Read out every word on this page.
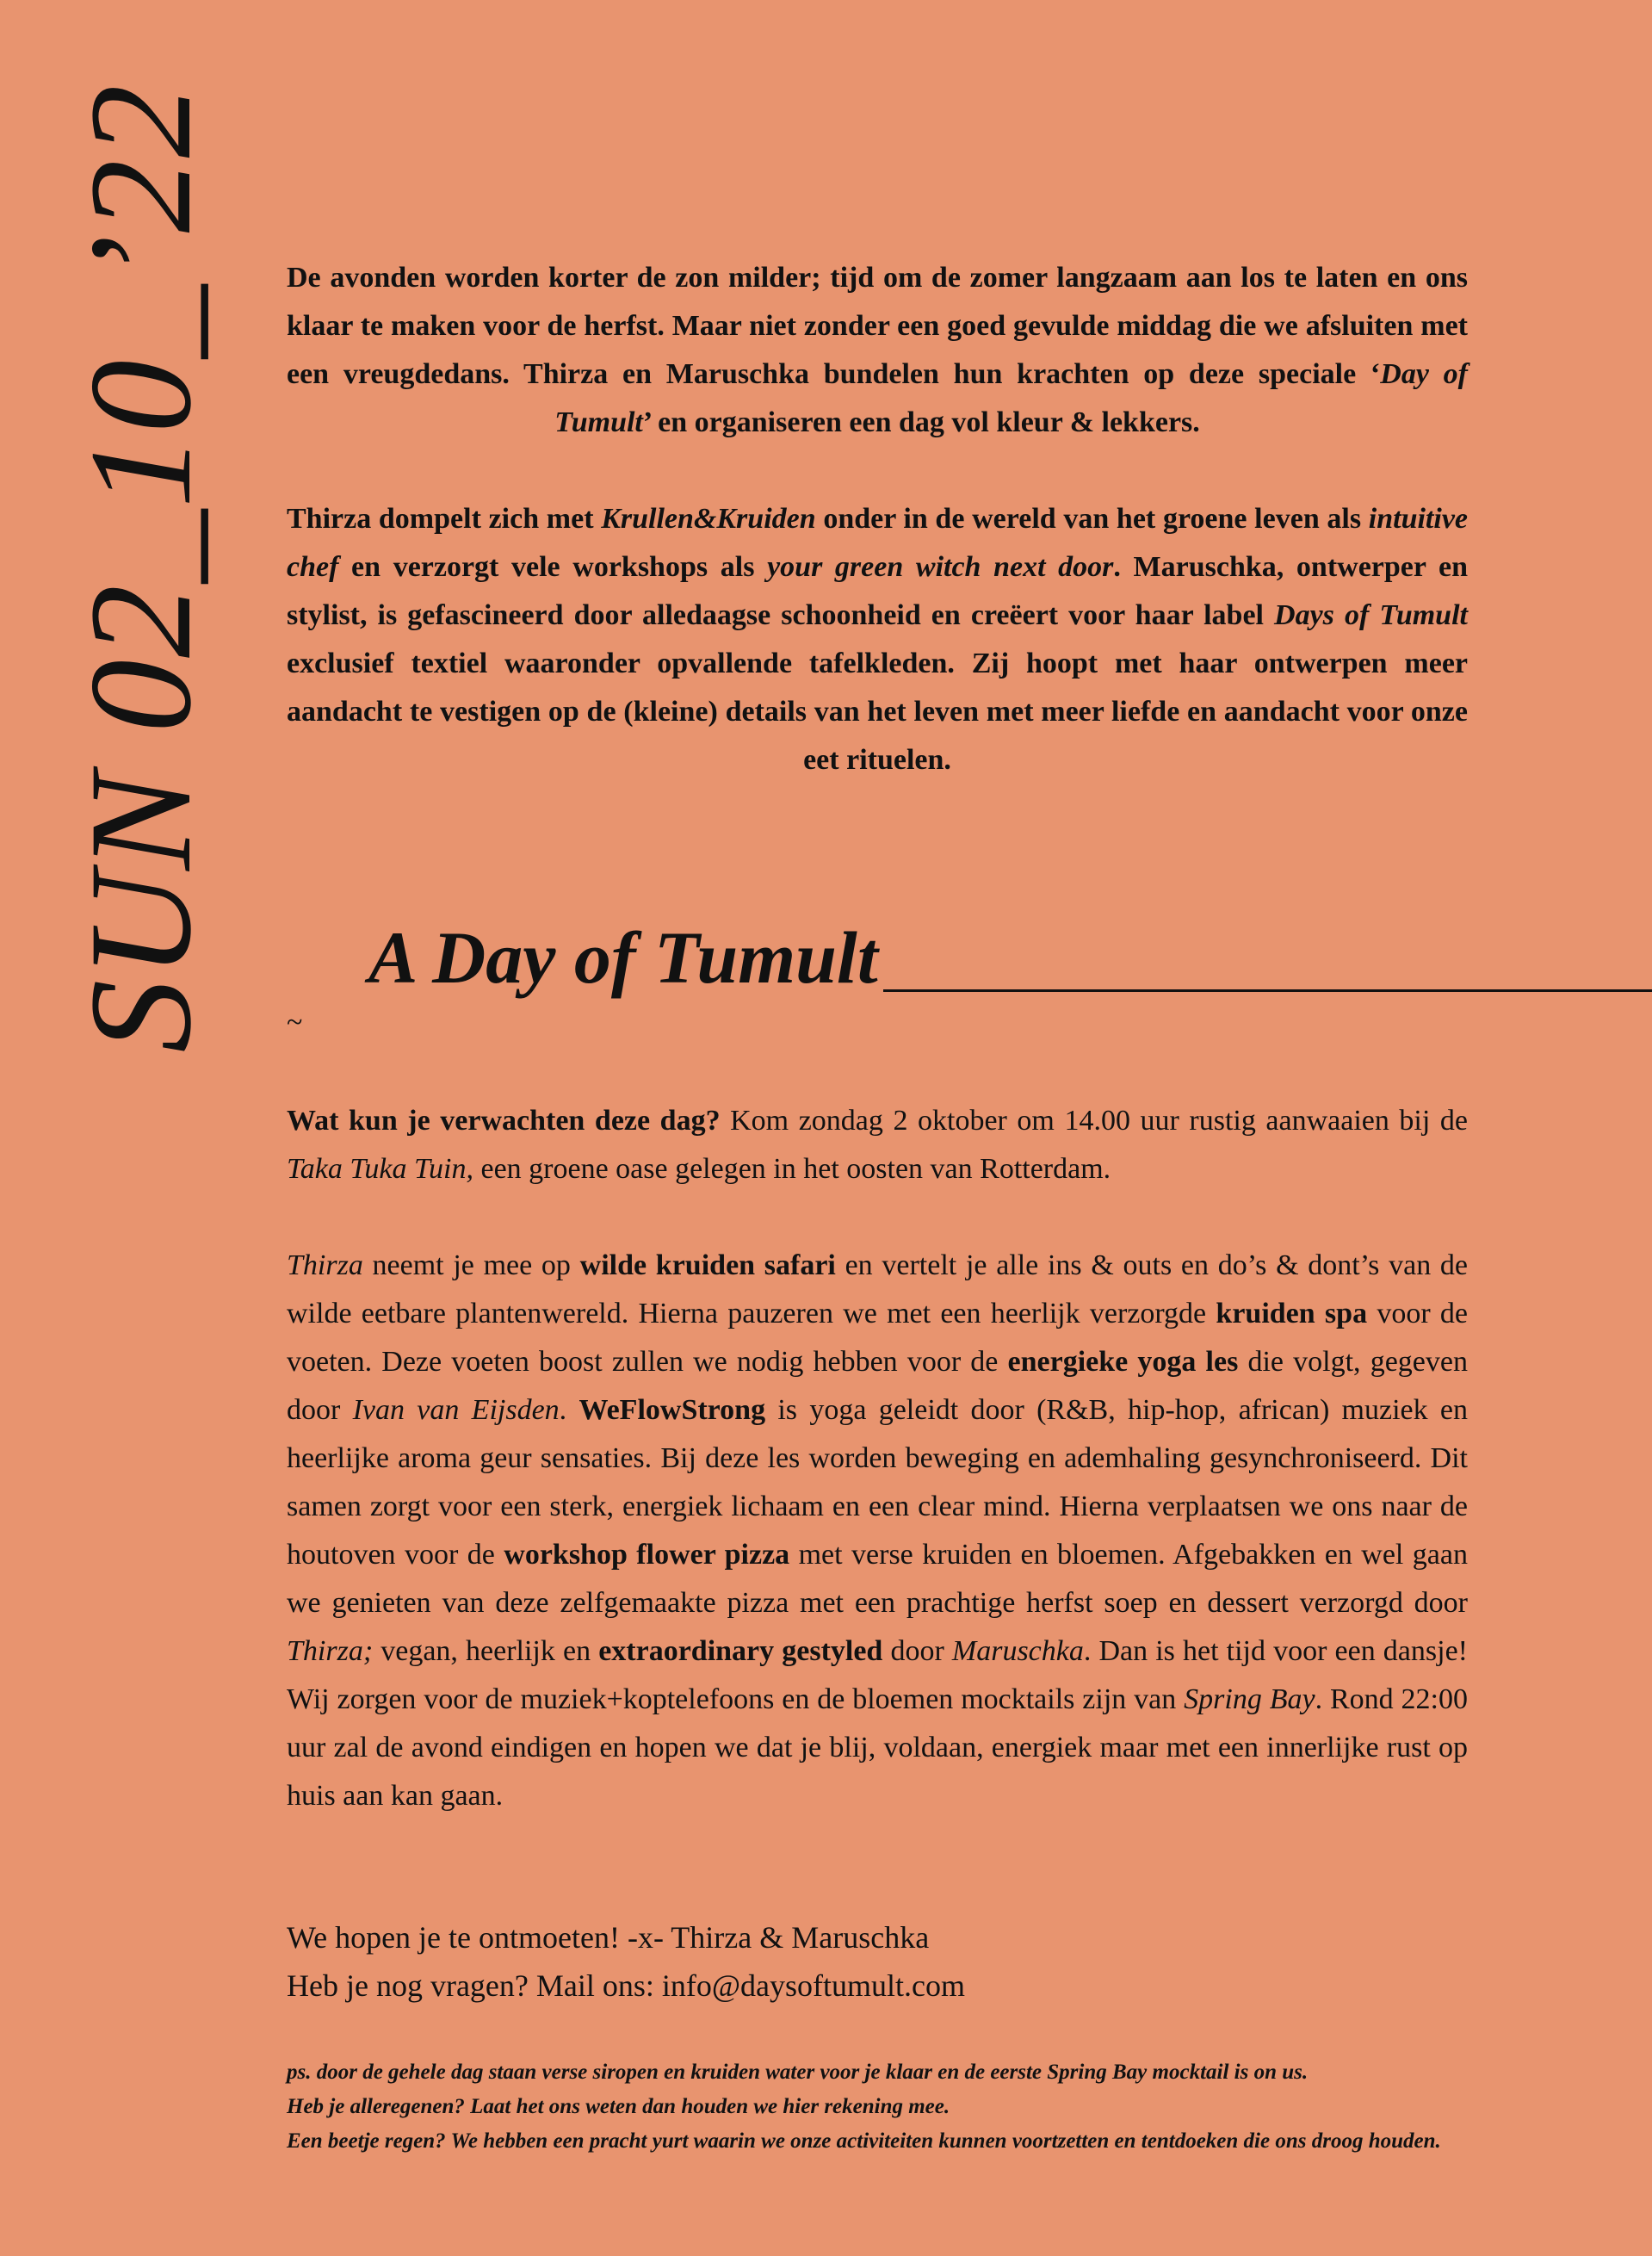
SUN 02_10_’22 De avonden worden korter de zon milder; tijd om de zomer langzaam aan los te laten en ons klaar te maken voor de herfst. Maar niet zonder een goed gevulde middag die we afsluiten met een vreugdedans. Thirza en Maruschka bundelen hun krachten op deze speciale ‘Day of Tumult’ en organiseren een dag vol kleur & lekkers.

Thirza dompelt zich met Krullen&Kruiden onder in de wereld van het groene leven als intuitive chef en verzorgt vele workshops als your green witch next door. Maruschka, ontwerper en stylist, is gefascineerd door alledaagse schoonheid en creëert voor haar label Days of Tumult exclusief textiel waaronder opvallende tafelkleden. Zij hoopt met haar ontwerpen meer aandacht te vestigen op de (kleine) details van het leven met meer liefde en aandacht voor onze eet rituelen.

A Day of Tumult
~

Wat kun je verwachten deze dag? Kom zondag 2 oktober om 14.00 uur rustig aanwaaien bij de Taka Tuka Tuin, een groene oase gelegen in het oosten van Rotterdam.

Thirza neemt je mee op wilde kruiden safari en vertelt je alle ins & outs en do’s & dont’s van de wilde eetbare plantenwereld. Hierna pauzeren we met een heerlijk verzorgde kruiden spa voor de voeten. Deze voeten boost zullen we nodig hebben voor de energieke yoga les die volgt, gegeven door Ivan van Eijsden. WeFlowStrong is yoga geleidt door (R&B, hip-hop, african) muziek en heerlijke aroma geur sensaties. Bij deze les worden beweging en ademhaling gesynchroniseerd. Dit samen zorgt voor een sterk, energiek lichaam en een clear mind. Hierna verplaatsen we ons naar de houtoven voor de workshop flower pizza met verse kruiden en bloemen. Afgebakken en wel gaan we genieten van deze zelfgemaakte pizza met een prachtige herfst soep en dessert verzorgd door Thirza; vegan, heerlijk en extraordinary gestyled door Maruschka. Dan is het tijd voor een dansje! Wij zorgen voor de muziek+koptelefoons en de bloemen mocktails zijn van Spring Bay. Rond 22:00 uur zal de avond eindigen en hopen we dat je blij, voldaan, energiek maar met een innerlijke rust op huis aan kan gaan.

We hopen je te ontmoeten! -x- Thirza & Maruschka

Heb je nog vragen? Mail ons: info@daysoftumult.com

ps. door de gehele dag staan verse siropen en kruiden water voor je klaar en de eerste Spring Bay mocktail is on us.

Heb je alleregenen? Laat het ons weten dan houden we hier rekening mee.

Een beetje regen? We hebben een pracht yurt waarin we onze activiteiten kunnen voortzetten en tentdoeken die ons droog houden.
